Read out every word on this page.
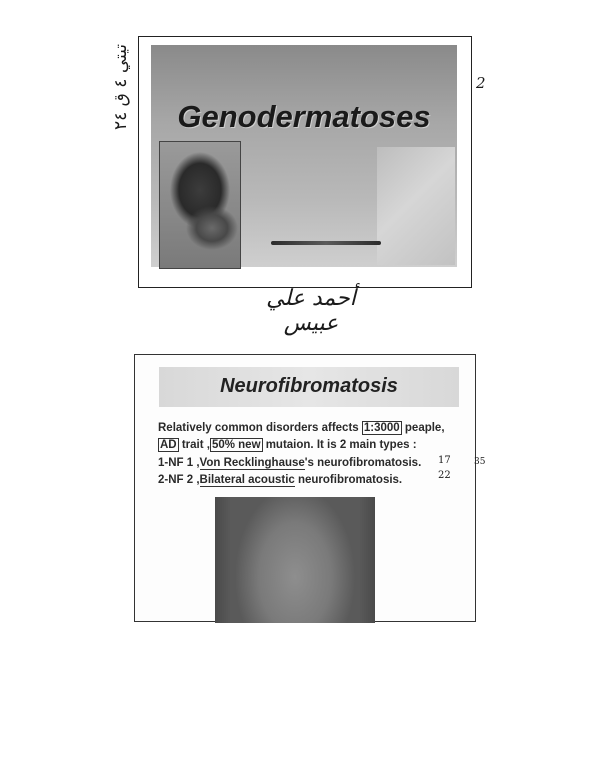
Genodermatoses
تيتي ٤ ق ٢٤
2
أحمد علي عبيس
Neurofibromatosis
Relatively common disorders affects 1:3000 peaple,
AD trait , 50% new mutaion. It is 2 main types :
1-NF 1 ,Von Recklinghause's neurofibromatosis.
2-NF 2 ,Bilateral acoustic neurofibromatosis.
17
22
35
